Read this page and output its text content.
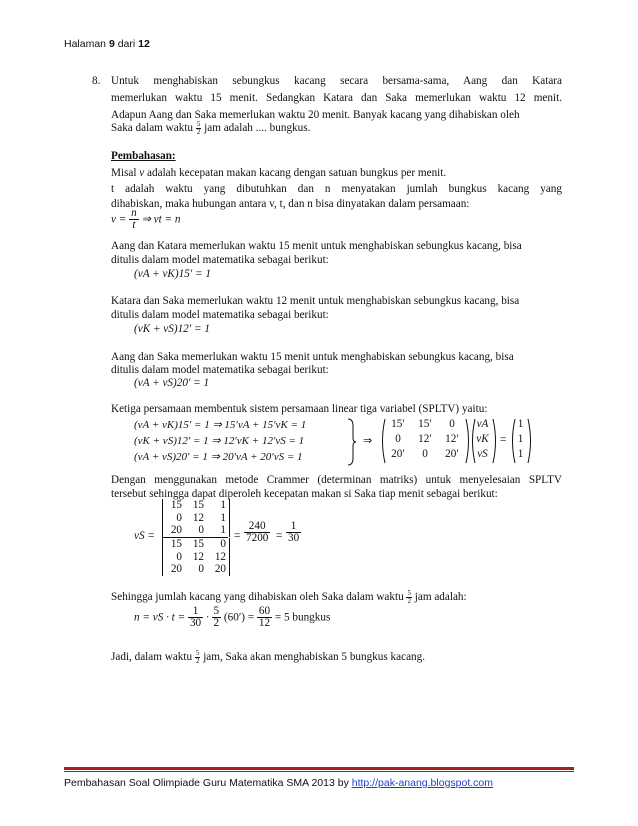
Halaman 9 dari 12
8. Untuk menghabiskan sebungkus kacang secara bersama-sama, Aang dan Katara
memerlukan waktu 15 menit. Sedangkan Katara dan Saka memerlukan waktu 12 menit.
Adapun Aang dan Saka memerlukan waktu 20 menit. Banyak kacang yang dihabiskan oleh
Saka dalam waktu $\frac{5}{2}$ jam adalah .... bungkus.
Pembahasan:
Misal v adalah kecepatan makan kacang dengan satuan bungkus per menit.
t adalah waktu yang dibutuhkan dan n menyatakan jumlah bungkus kacang yang
dihabiskan, maka hubungan antara v, t, dan n bisa dinyatakan dalam persamaan:
$v = \frac{n}{t}$ ⇒ vt = n
Aang dan Katara memerlukan waktu 15 menit untuk menghabiskan sebungkus kacang, bisa
ditulis dalam model matematika sebagai berikut:
(vA + vK)15′ = 1
Katara dan Saka memerlukan waktu 12 menit untuk menghabiskan sebungkus kacang, bisa
ditulis dalam model matematika sebagai berikut:
(vK + vS)12′ = 1
Aang dan Saka memerlukan waktu 15 menit untuk menghabiskan sebungkus kacang, bisa
ditulis dalam model matematika sebagai berikut:
(vA + vS)20′ = 1
Ketiga persamaan membentuk sistem persamaan linear tiga variabel (SPLTV) yaitu:
(vA + vK)15′ = 1 ⇒ 15′vA + 15′vK = 1
(vK + vS)12′ = 1 ⇒ 12′vK + 12′vS = 1
(vA + vS)20′ = 1 ⇒ 20′vA + 20′vS = 1
⇒
15′	15′	0
0	12′	12′
20′	0	20′
vA
vK
vS
=
1
1
1
Dengan menggunakan metode Crammer (determinan matriks) untuk menyelesaian SPLTV
tersebut sehingga dapat diperoleh kecepatan makan si Saka tiap menit sebagai berikut:
vS =
15 15	1
0 12	1
20	0	1
15 15	0
0 12 12
20	0 20
= $\frac{240}{7200} = \frac{1}{30}$
Sehingga jumlah kacang yang dihabiskan oleh Saka dalam waktu $\frac{5}{2}$ jam adalah:
n = vS · $t = \frac{1}{30} \cdot \frac{5}{2} (60') = \frac{60}{12} = 5$ bungkus
Jadi, dalam waktu $\frac{5}{2}$ jam, Saka akan menghabiskan 5 bungkus kacang.
Pembahasan Soal Olimpiade Guru Matematika SMA 2013 by http://pak-anang.blogspot.com
